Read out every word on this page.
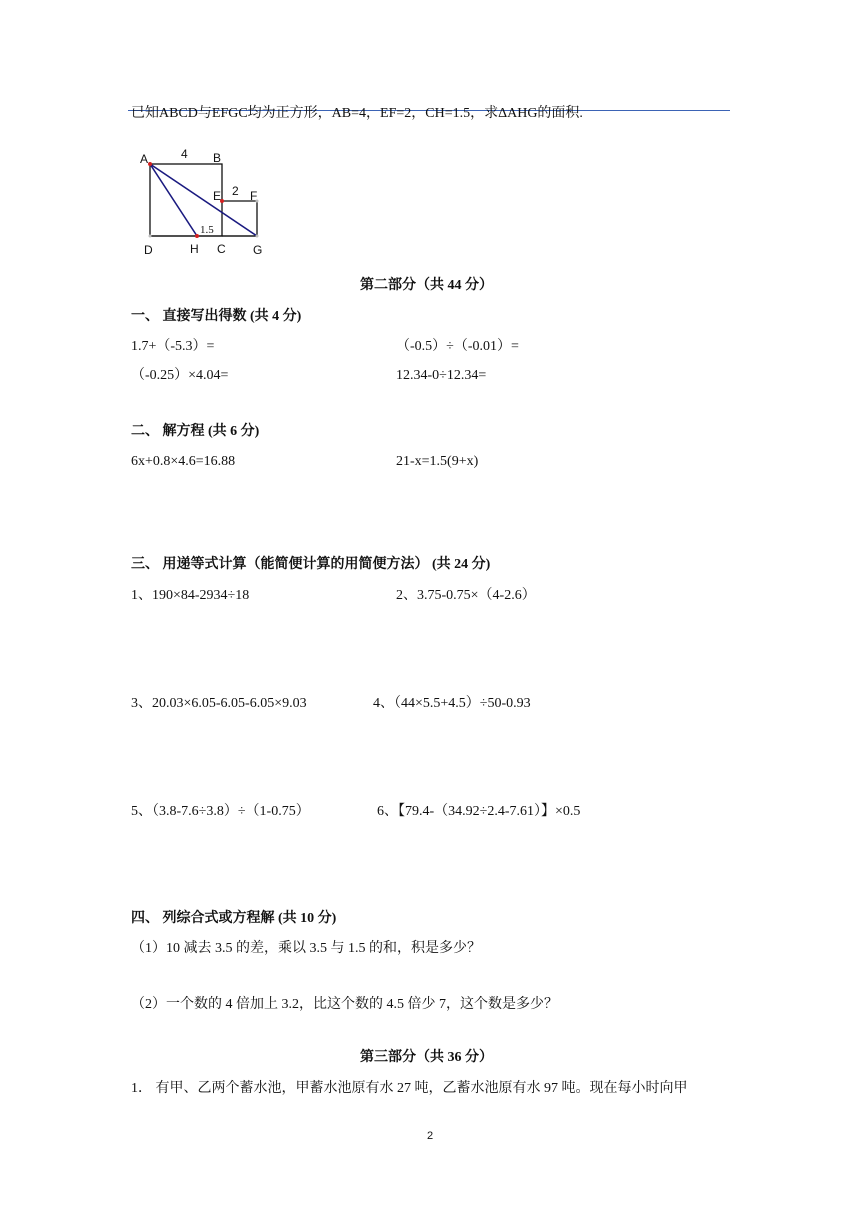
已知ABCD与EFGC均为正方形，AB=4，EF=2，CH=1.5，求ΔAHG的面积.
A	B
E F
D	H C G
4
2
1.5
第二部分（共 44 分）
一、 直接写出得数 (共 4 分)
1.7+（-5.3）=	（-0.5）÷（-0.01）=
（-0.25）×4.04=	12.34-0÷12.34=
二、 解方程 (共 6 分)
6x+0.8×4.6=16.88	21-x=1.5(9+x)
三、 用递等式计算（能简便计算的用简便方法） (共 24 分)
1、190×84-2934÷18	2、3.75-0.75×（4-2.6）
3、20.03×6.05-6.05-6.05×9.03	4、（44×5.5+4.5）÷50-0.93
5、（3.8-7.6÷3.8）÷（1-0.75）	6、【79.4-（34.92÷2.4-7.61）】×0.5
四、 列综合式或方程解 (共 10 分)
（1）10 减去 3.5 的差，乘以 3.5 与 1.5 的和，积是多少？
（2）一个数的 4 倍加上 3.2，比这个数的 4.5 倍少 7，这个数是多少？
第三部分（共 36 分）
1． 有甲、乙两个蓄水池，甲蓄水池原有水 27 吨，乙蓄水池原有水 97 吨。现在每小时向甲
2
